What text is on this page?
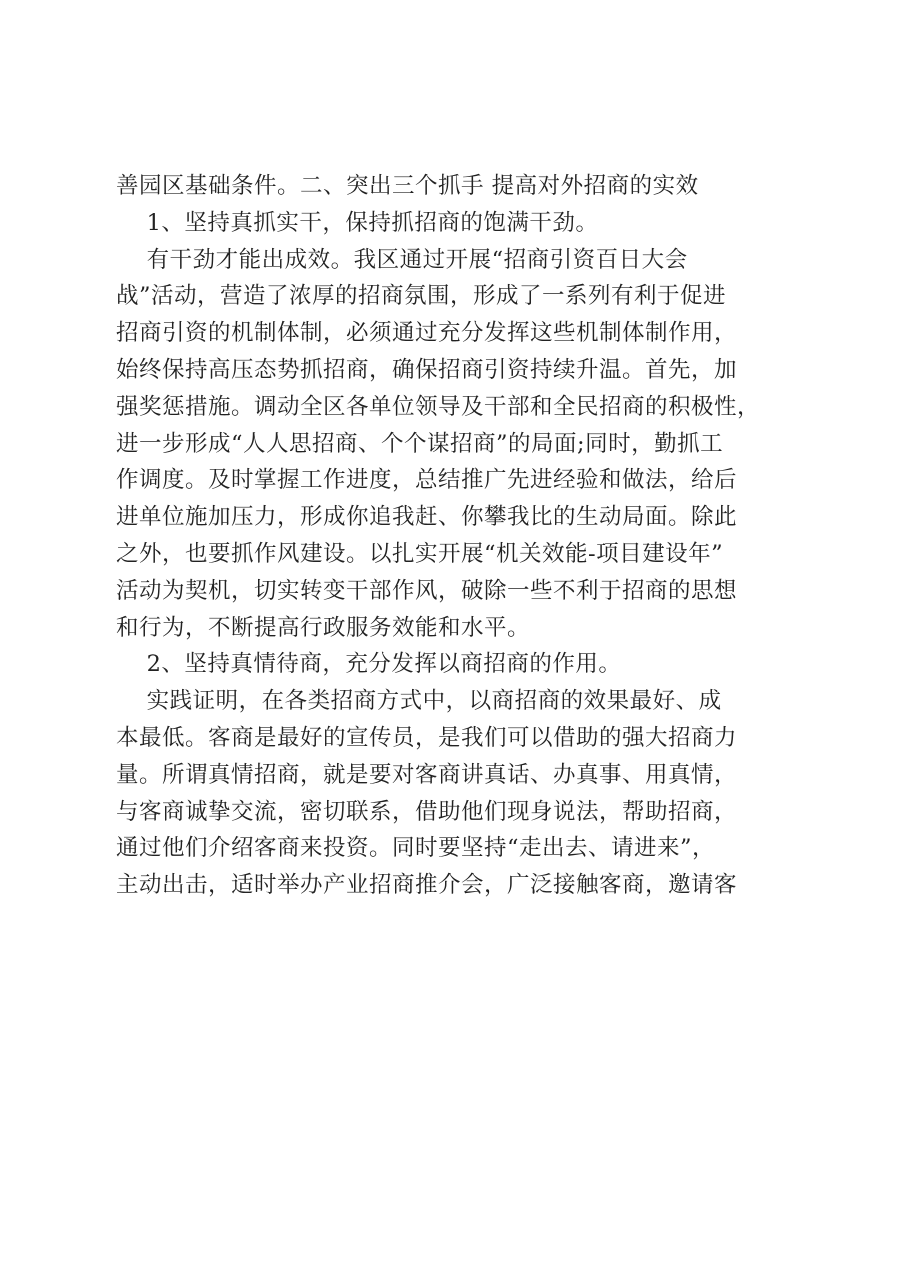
善园区基础条件。二、突出三个抓手 提高对外招商的实效
1、坚持真抓实干，保持抓招商的饱满干劲。
有干劲才能出成效。我区通过开展“招商引资百日大会
战”活动，营造了浓厚的招商氛围，形成了一系列有利于促进
招商引资的机制体制，必须通过充分发挥这些机制体制作用，
始终保持高压态势抓招商，确保招商引资持续升温。首先，加
强奖惩措施。调动全区各单位领导及干部和全民招商的积极性，
进一步形成“人人思招商、个个谋招商”的局面;同时，勤抓工
作调度。及时掌握工作进度，总结推广先进经验和做法，给后
进单位施加压力，形成你追我赶、你攀我比的生动局面。除此
之外，也要抓作风建设。以扎实开展“机关效能-项目建设年”
活动为契机，切实转变干部作风，破除一些不利于招商的思想
和行为，不断提高行政服务效能和水平。
2、坚持真情待商，充分发挥以商招商的作用。
实践证明，在各类招商方式中，以商招商的效果最好、成
本最低。客商是最好的宣传员，是我们可以借助的强大招商力
量。所谓真情招商，就是要对客商讲真话、办真事、用真情，
与客商诚挚交流，密切联系，借助他们现身说法，帮助招商，
通过他们介绍客商来投资。同时要坚持“走出去、请进来”，
主动出击，适时举办产业招商推介会，广泛接触客商，邀请客
